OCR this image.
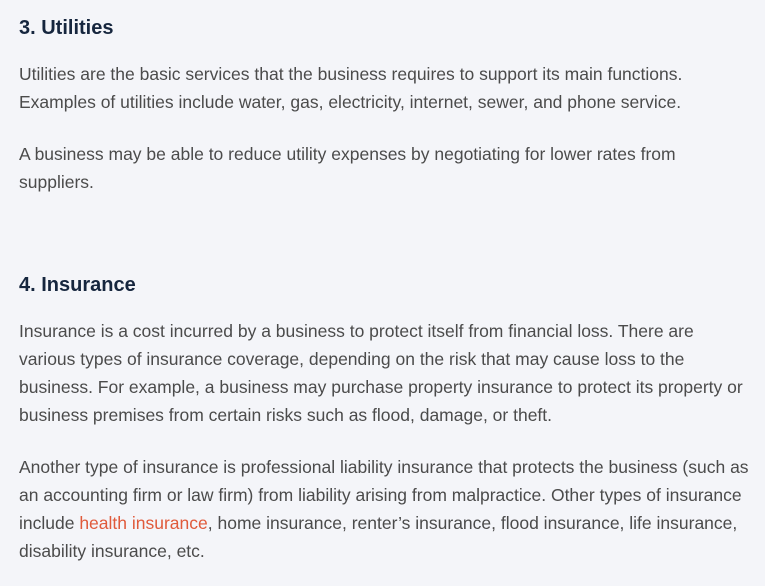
3. Utilities

Utilities are the basic services that the business requires to support its main functions. Examples of utilities include water, gas, electricity, internet, sewer, and phone service.

A business may be able to reduce utility expenses by negotiating for lower rates from suppliers.

4. Insurance

Insurance is a cost incurred by a business to protect itself from financial loss. There are various types of insurance coverage, depending on the risk that may cause loss to the business. For example, a business may purchase property insurance to protect its property or business premises from certain risks such as flood, damage, or theft.

Another type of insurance is professional liability insurance that protects the business (such as an accounting firm or law firm) from liability arising from malpractice. Other types of insurance include health insurance, home insurance, renter’s insurance, flood insurance, life insurance, disability insurance, etc.
